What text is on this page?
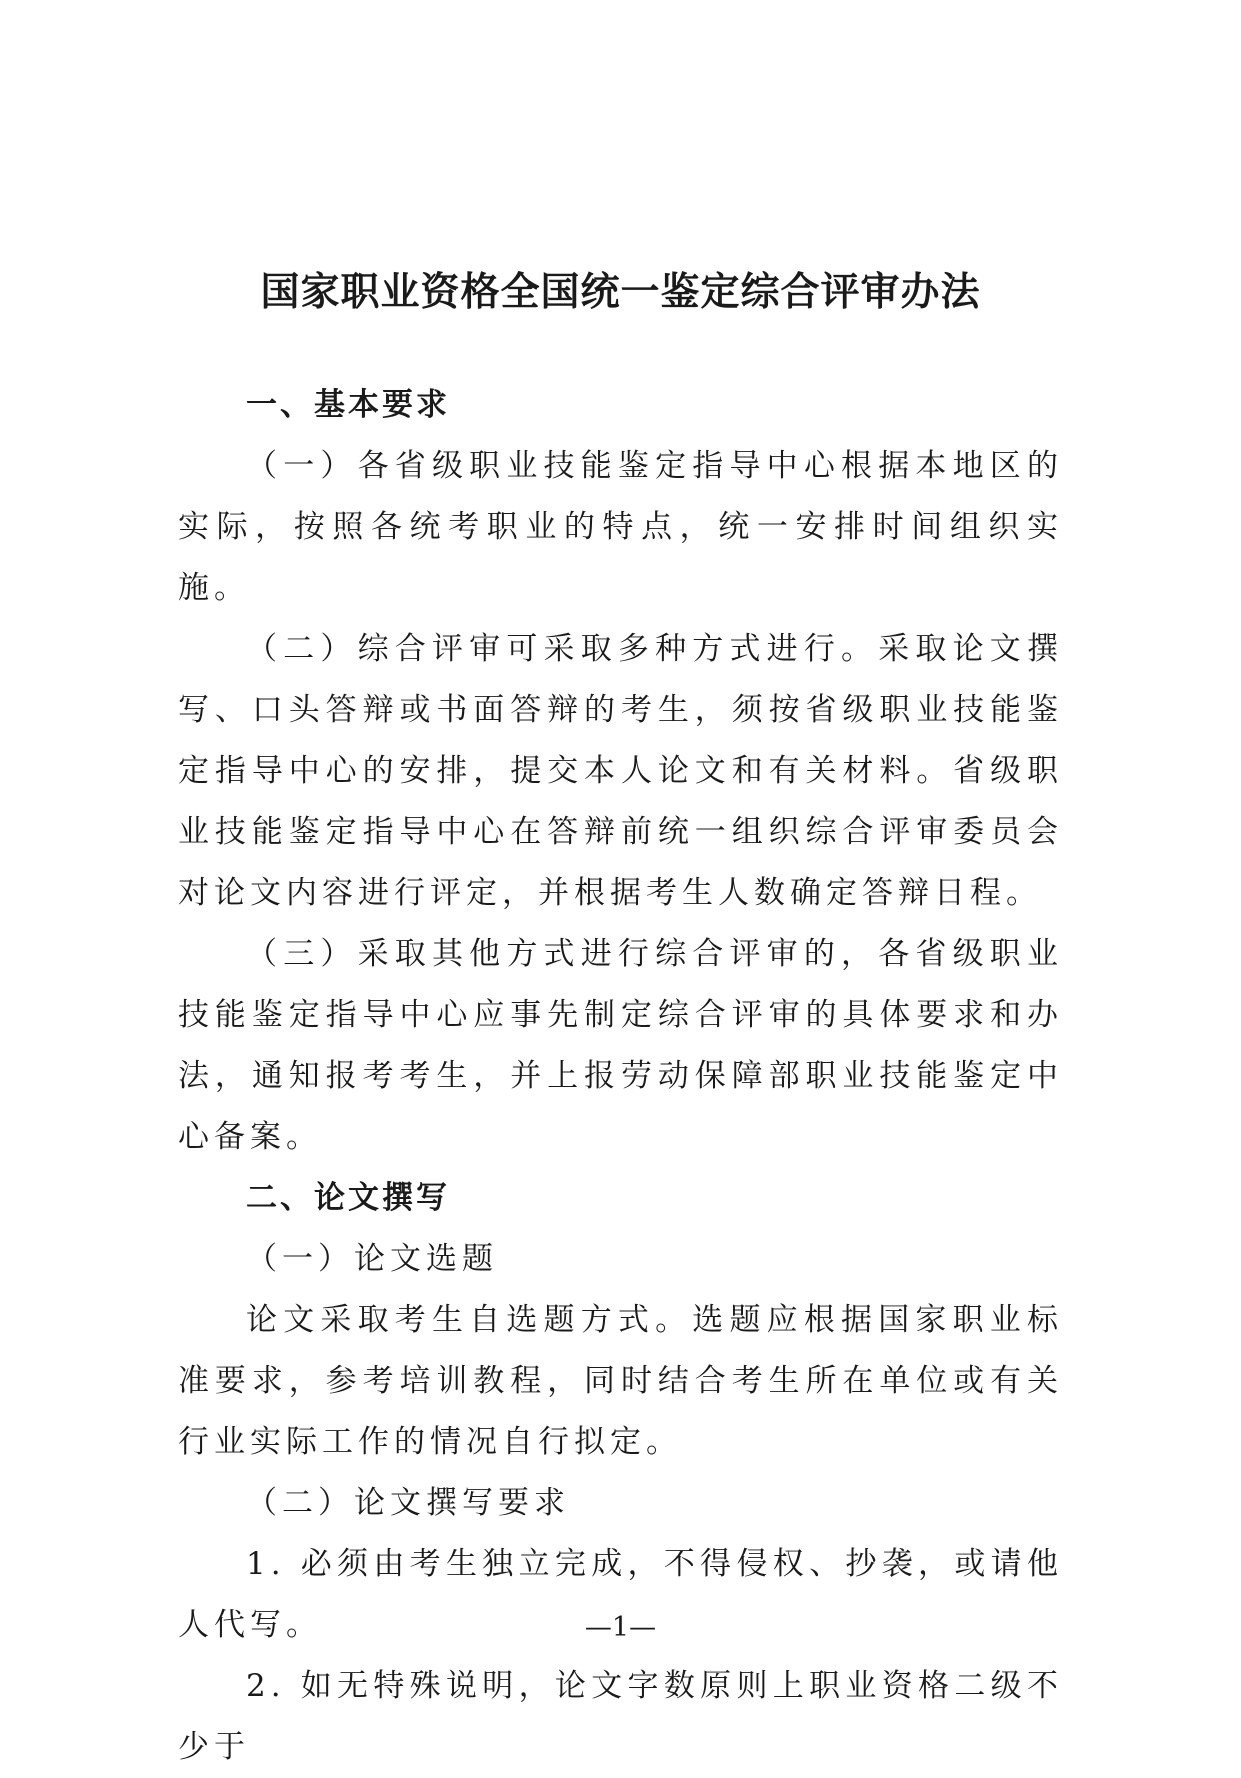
国家职业资格全国统一鉴定综合评审办法

一、基本要求

（一）各省级职业技能鉴定指导中心根据本地区的实际，按照各统考职业的特点，统一安排时间组织实施。

（二）综合评审可采取多种方式进行。采取论文撰写、口头答辩或书面答辩的考生，须按省级职业技能鉴定指导中心的安排，提交本人论文和有关材料。省级职业技能鉴定指导中心在答辩前统一组织综合评审委员会对论文内容进行评定，并根据考生人数确定答辩日程。

（三）采取其他方式进行综合评审的，各省级职业技能鉴定指导中心应事先制定综合评审的具体要求和办法，通知报考考生，并上报劳动保障部职业技能鉴定中心备案。

二、论文撰写

（一）论文选题

论文采取考生自选题方式。选题应根据国家职业标准要求，参考培训教程，同时结合考生所在单位或有关行业实际工作的情况自行拟定。

（二）论文撰写要求

1. 必须由考生独立完成，不得侵权、抄袭，或请他人代写。

2. 如无特殊说明，论文字数原则上职业资格二级不少于

—1—
